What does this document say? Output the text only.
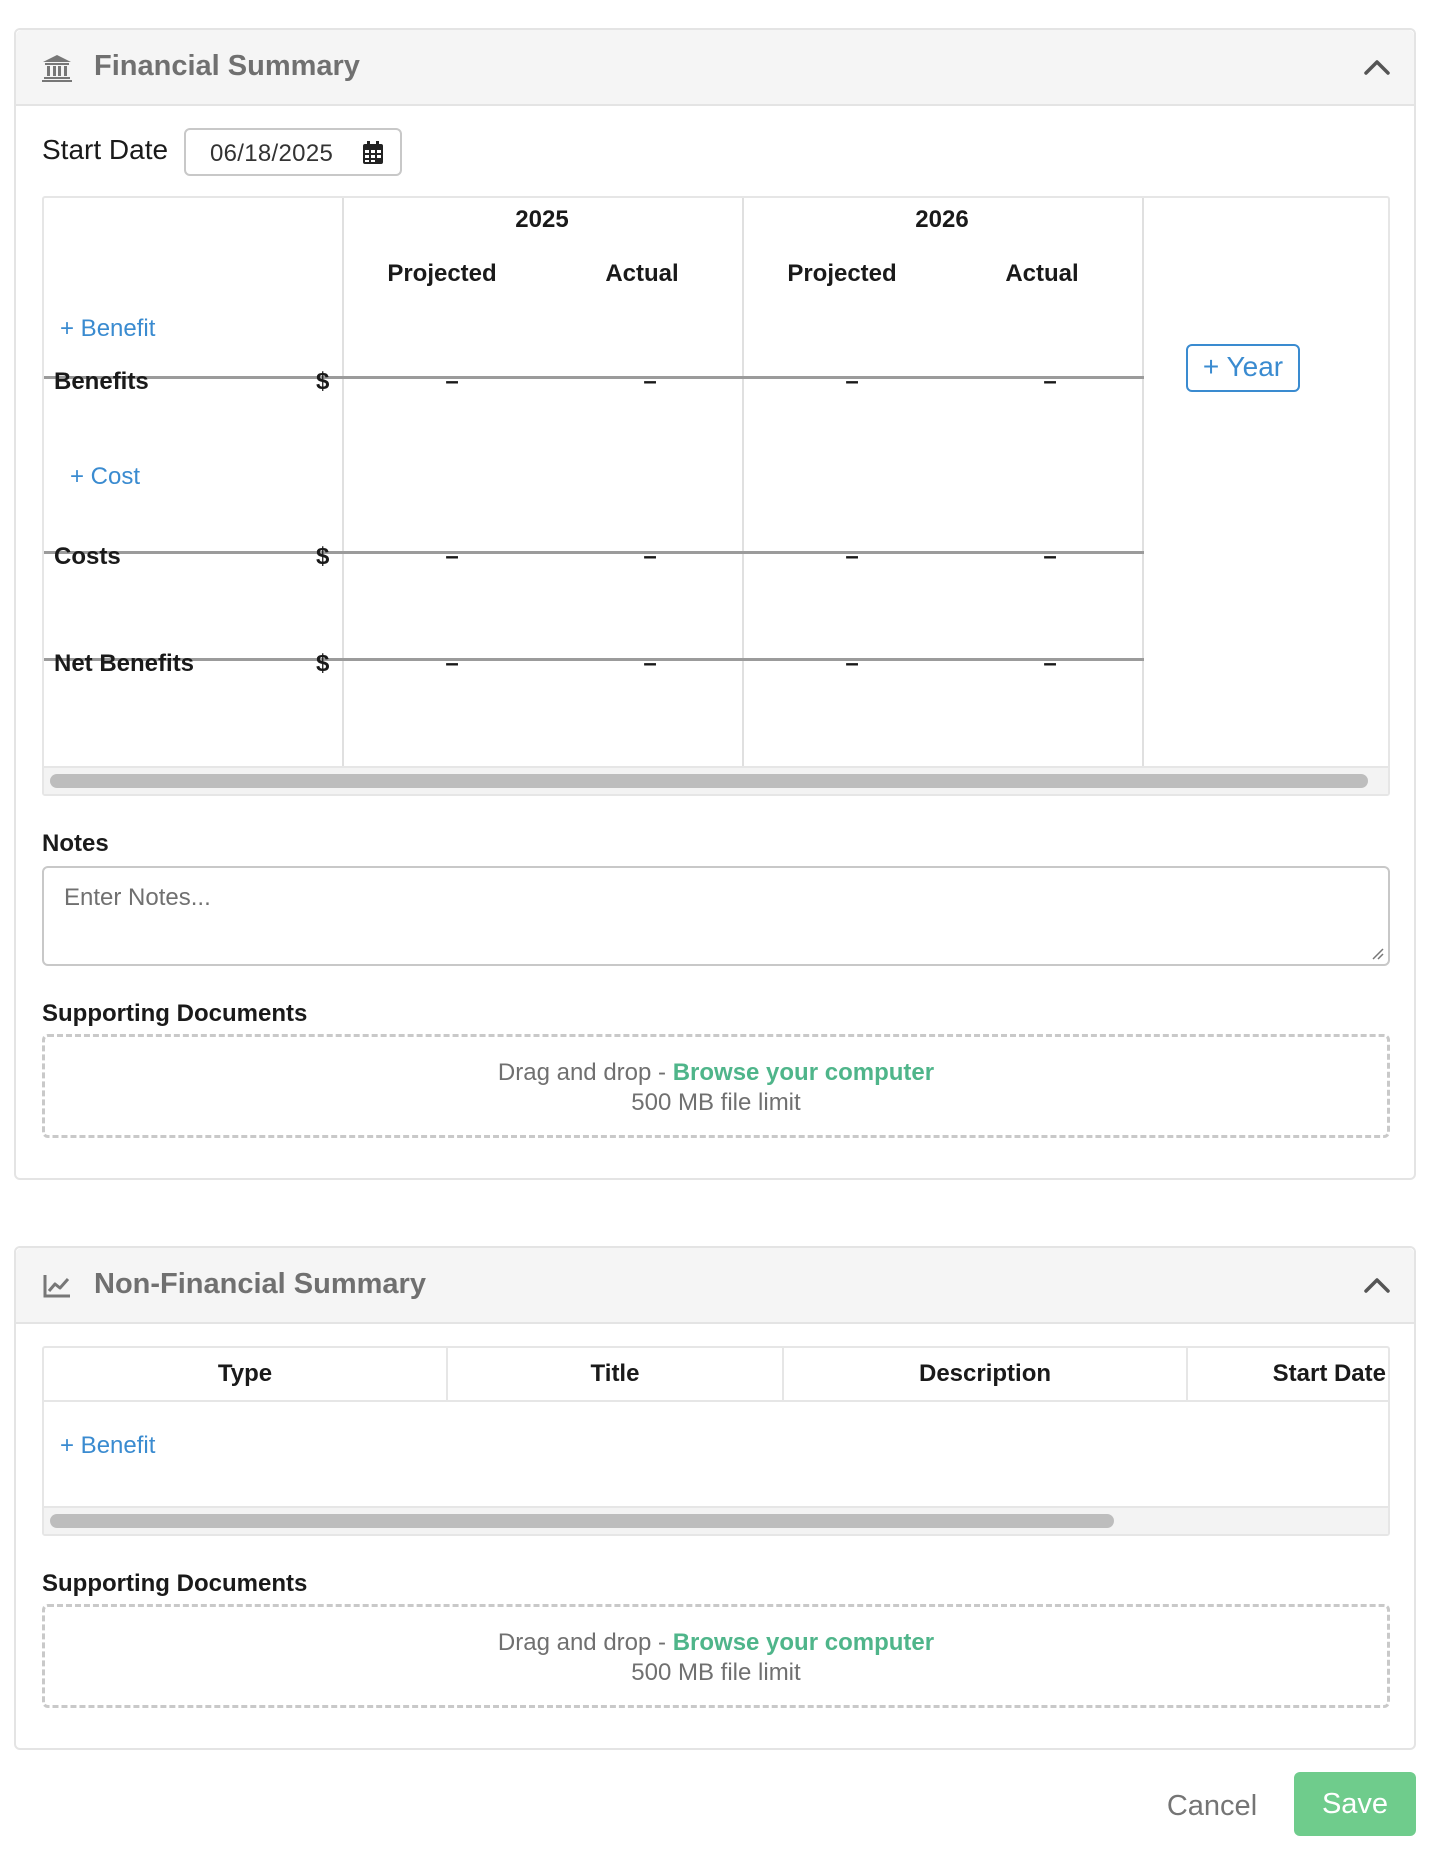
Financial Summary
Start Date 06/18/2025
2025	2026
Projected	Actual	Projected	Actual
+ Benefit
+ Year
Benefits	$	–	–	–	–
+ Cost
Costs	$	–	–	–	–
Net Benefits	$	–	–	–	–
Notes
Enter Notes...
Supporting Documents
Drag and drop - Browse your computer
500 MB file limit
Non-Financial Summary
Type	Title	Description	Start Date
+ Benefit
Supporting Documents
Drag and drop - Browse your computer
500 MB file limit
Cancel	Save
